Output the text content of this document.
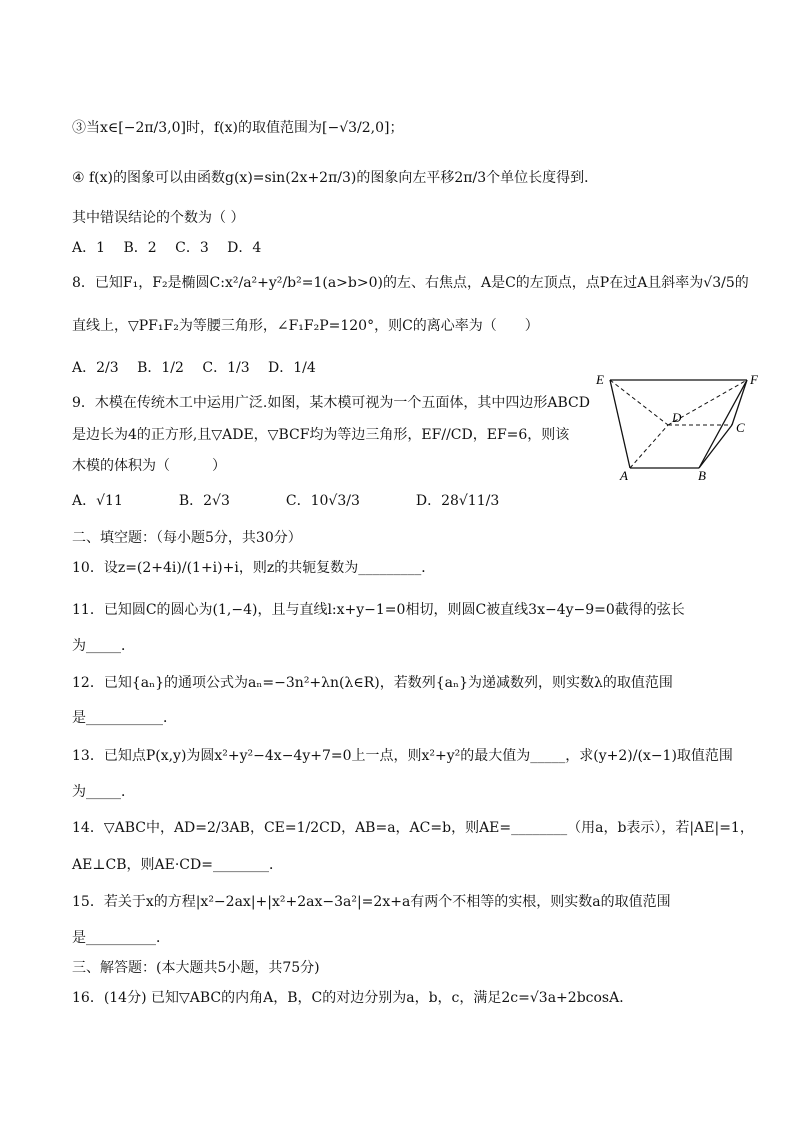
③当x∈[−2π/3,0]时，f(x)的取值范围为[−√3/2,0]；
④ f(x)的图象可以由函数g(x)=sin(2x+2π/3)的图象向左平移2π/3个单位长度得到．
其中错误结论的个数为（ ）
A．1　 B．2　 C．3　 D．4
8．已知F₁，F₂是椭圆C:x²/a²+y²/b²=1(a>b>0)的左、右焦点，A是C的左顶点，点P在过A且斜率为√3/5的
直线上，▽PF₁F₂为等腰三角形，∠F₁F₂P=120°，则C的离心率为（　　）
A．2/3　 B．1/2　 C．1/3　 D．1/4
9．木模在传统木工中运用广泛.如图，某木模可视为一个五面体，其中四边形ABCD
是边长为4的正方形,且▽ADE，▽BCF均为等边三角形，EF//CD，EF=6，则该
木模的体积为（　　　）
A．√11　　　　B．2√3　　　　C．10√3/3　　　　D．28√11/3
二、填空题：（每小题5分，共30分）
10．设z=(2+4i)/(1+i)+i，则z的共轭复数为_________．
11．已知圆C的圆心为(1,−4)，且与直线l:x+y−1=0相切，则圆C被直线3x−4y−9=0截得的弦长
为_____．
12．已知{aₙ}的通项公式为aₙ=−3n²+λn(λ∈R)，若数列{aₙ}为递减数列，则实数λ的取值范围
是___________．
13．已知点P(x,y)为圆x²+y²−4x−4y+7=0上一点，则x²+y²的最大值为_____，求(y+2)/(x−1)取值范围
为_____．
14．▽ABC中，AD=2/3AB，CE=1/2CD，AB=a，AC=b，则AE=________（用a，b表示），若|AE|=1，
AE⊥CB，则AE·CD=________．
15．若关于x的方程|x²−2ax|+|x²+2ax−3a²|=2x+a有两个不相等的实根，则实数a的取值范围
是__________．
三、解答题：(本大题共5小题，共75分)
16．(14分) 已知▽ABC的内角A，B，C的对边分别为a，b，c，满足2c=√3a+2bcosA．
E	F
D
C
A	B
